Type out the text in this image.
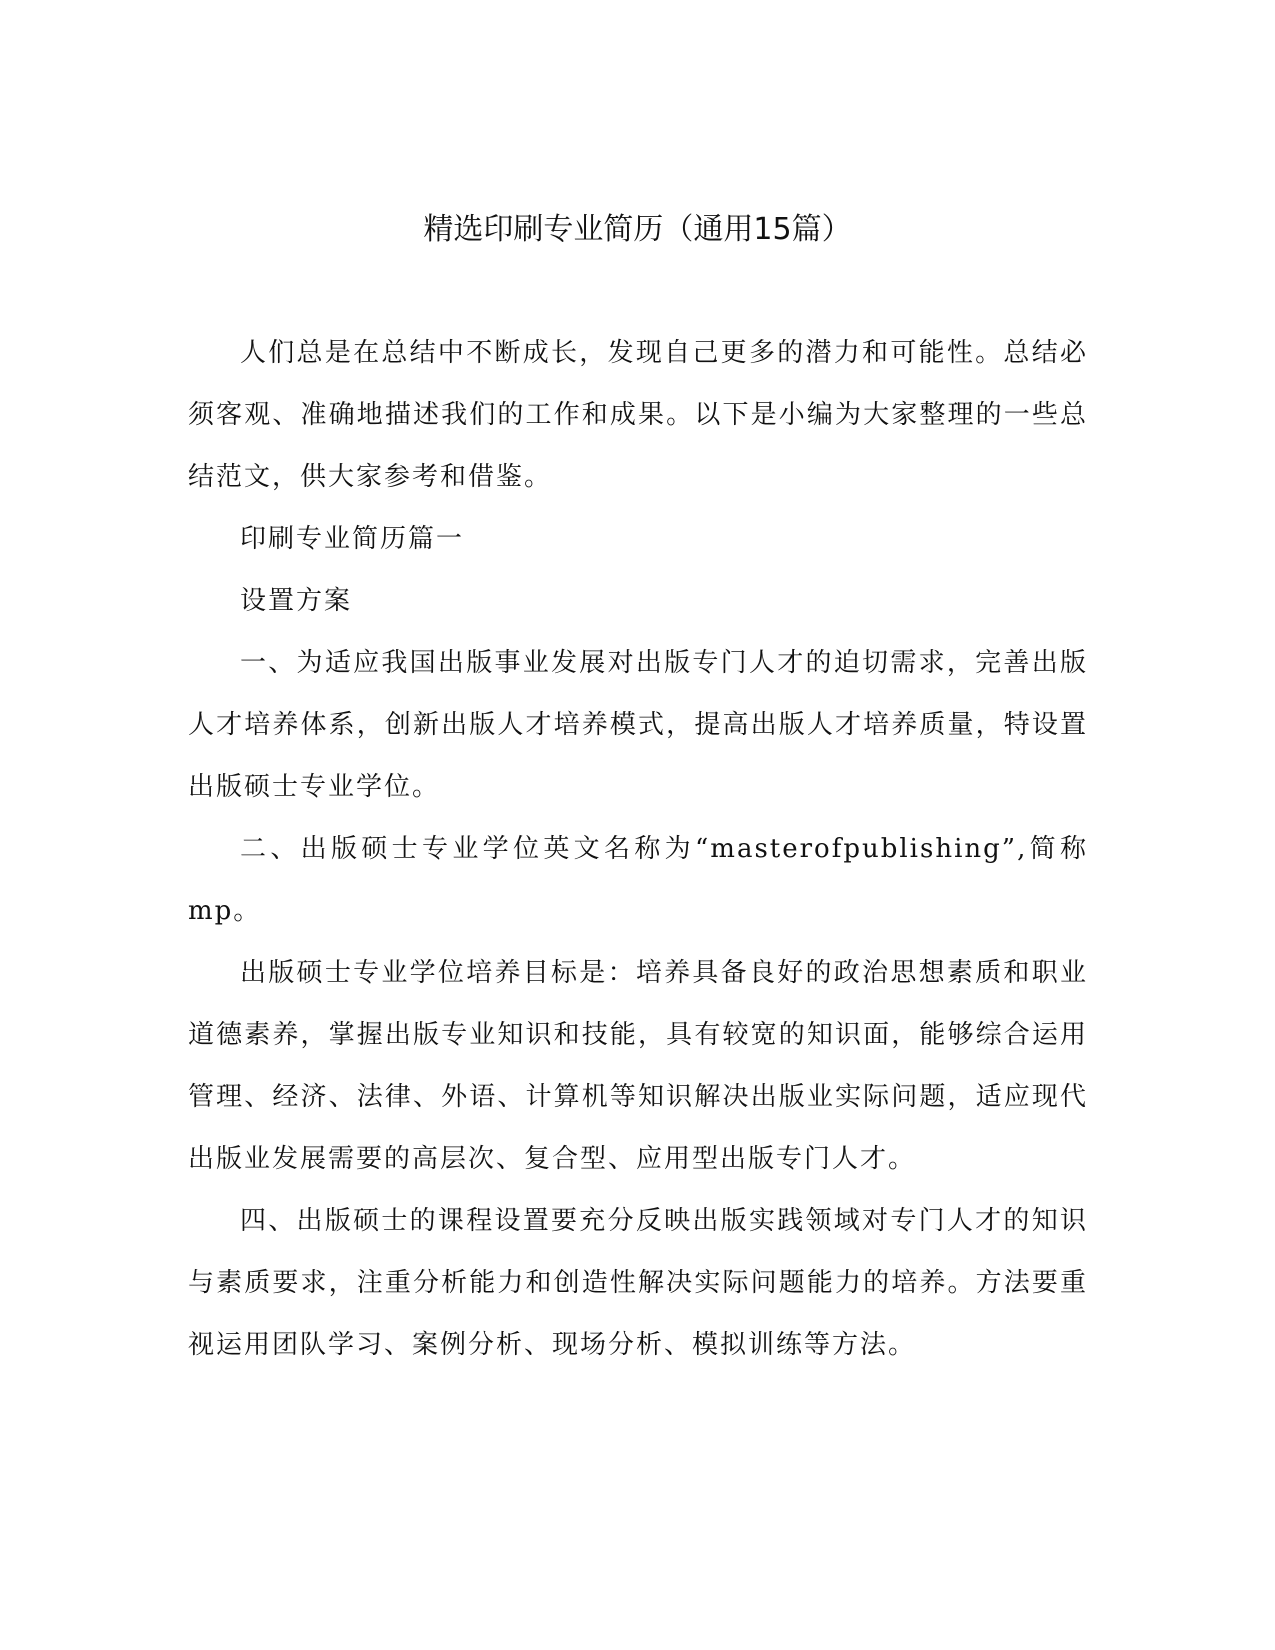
精选印刷专业简历（通用15篇）

人们总是在总结中不断成长，发现自己更多的潜力和可能性。总结必须客观、准确地描述我们的工作和成果。以下是小编为大家整理的一些总结范文，供大家参考和借鉴。

印刷专业简历篇一

设置方案

一、为适应我国出版事业发展对出版专门人才的迫切需求，完善出版人才培养体系，创新出版人才培养模式，提高出版人才培养质量，特设置出版硕士专业学位。

二、出版硕士专业学位英文名称为“masterofpublishing”,简称mp。

出版硕士专业学位培养目标是：培养具备良好的政治思想素质和职业道德素养，掌握出版专业知识和技能，具有较宽的知识面，能够综合运用管理、经济、法律、外语、计算机等知识解决出版业实际问题，适应现代出版业发展需要的高层次、复合型、应用型出版专门人才。

四、出版硕士的课程设置要充分反映出版实践领域对专门人才的知识与素质要求，注重分析能力和创造性解决实际问题能力的培养。方法要重视运用团队学习、案例分析、现场分析、模拟训练等方法。
